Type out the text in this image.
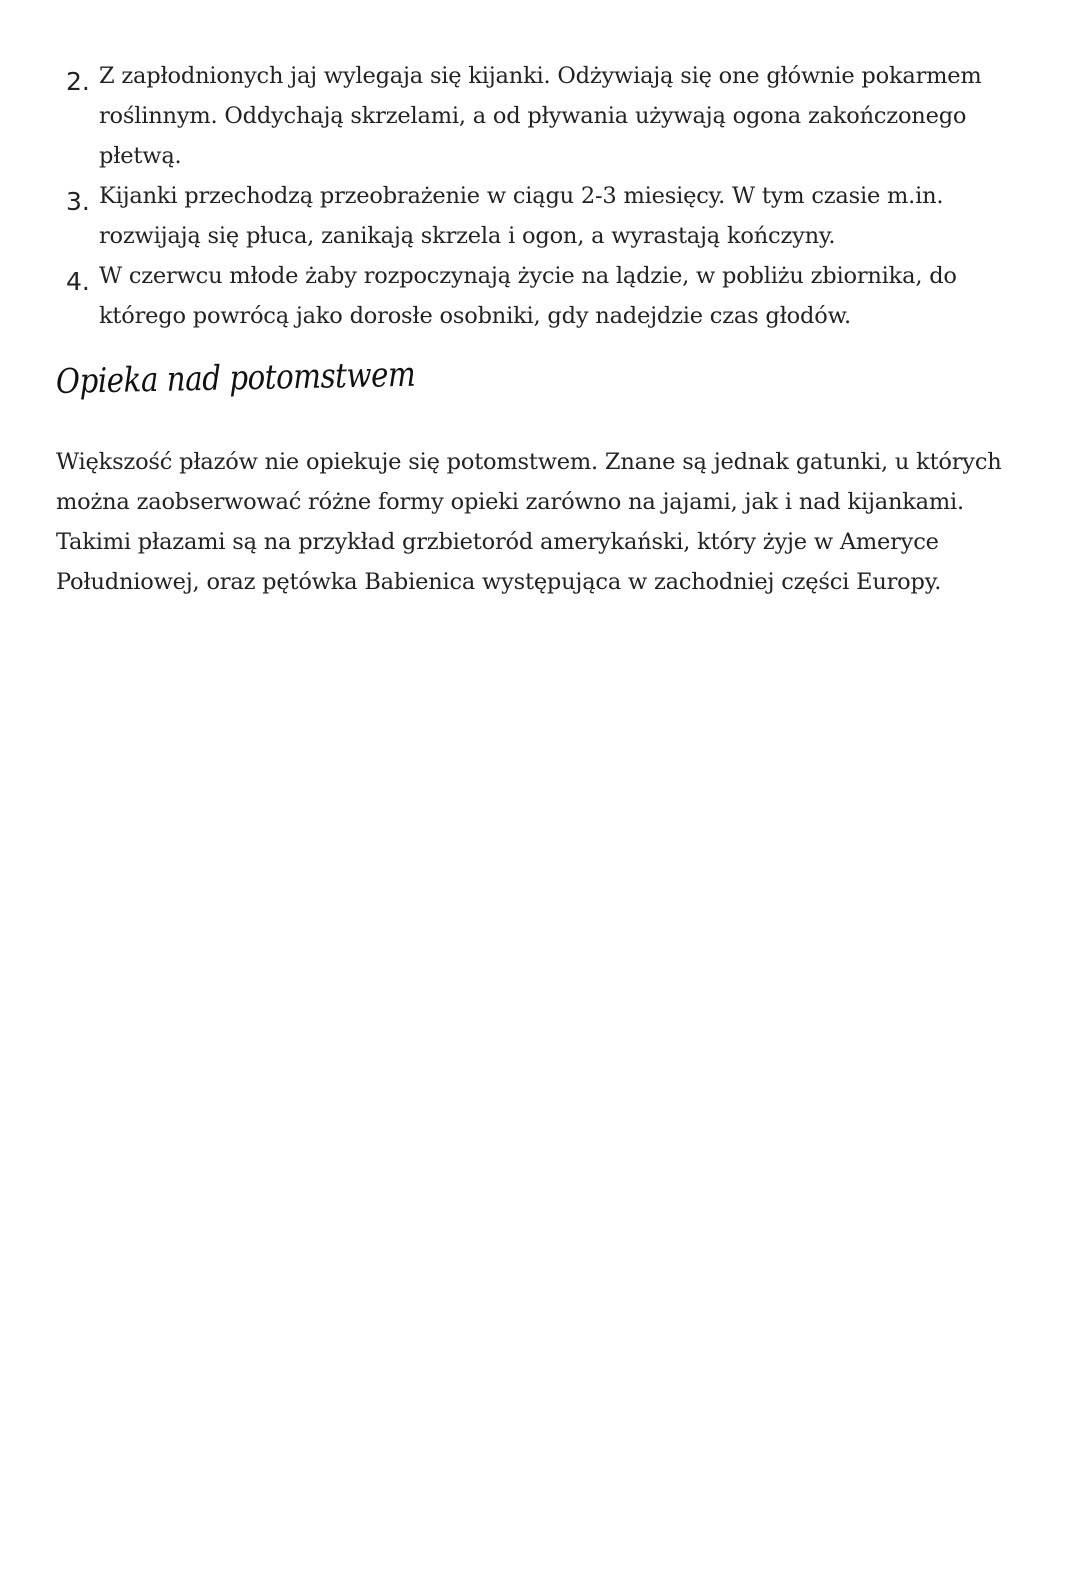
2. Z zapłodnionych jaj wylegaja się kijanki. Odżywiają się one głównie pokarmem roślinnym. Oddychają skrzelami, a od pływania używają ogona zakończonego płetwą.
3. Kijanki przechodzą przeobrażenie w ciągu 2-3 miesięcy. W tym czasie m.in. rozwijają się płuca, zanikają skrzela i ogon, a wyrastają kończyny.
4. W czerwcu młode żaby rozpoczynają życie na lądzie, w pobliżu zbiornika, do którego powrócą jako dorosłe osobniki, gdy nadejdzie czas głodów.
Opieka nad potomstwem

Większość płazów nie opiekuje się potomstwem. Znane są jednak gatunki, u których można zaobserwować różne formy opieki zarówno na jajami, jak i nad kijankami. Takimi płazami są na przykład grzbietoród amerykański, który żyje w Ameryce Południowej, oraz pętówka Babienica występująca w zachodniej części Europy.
